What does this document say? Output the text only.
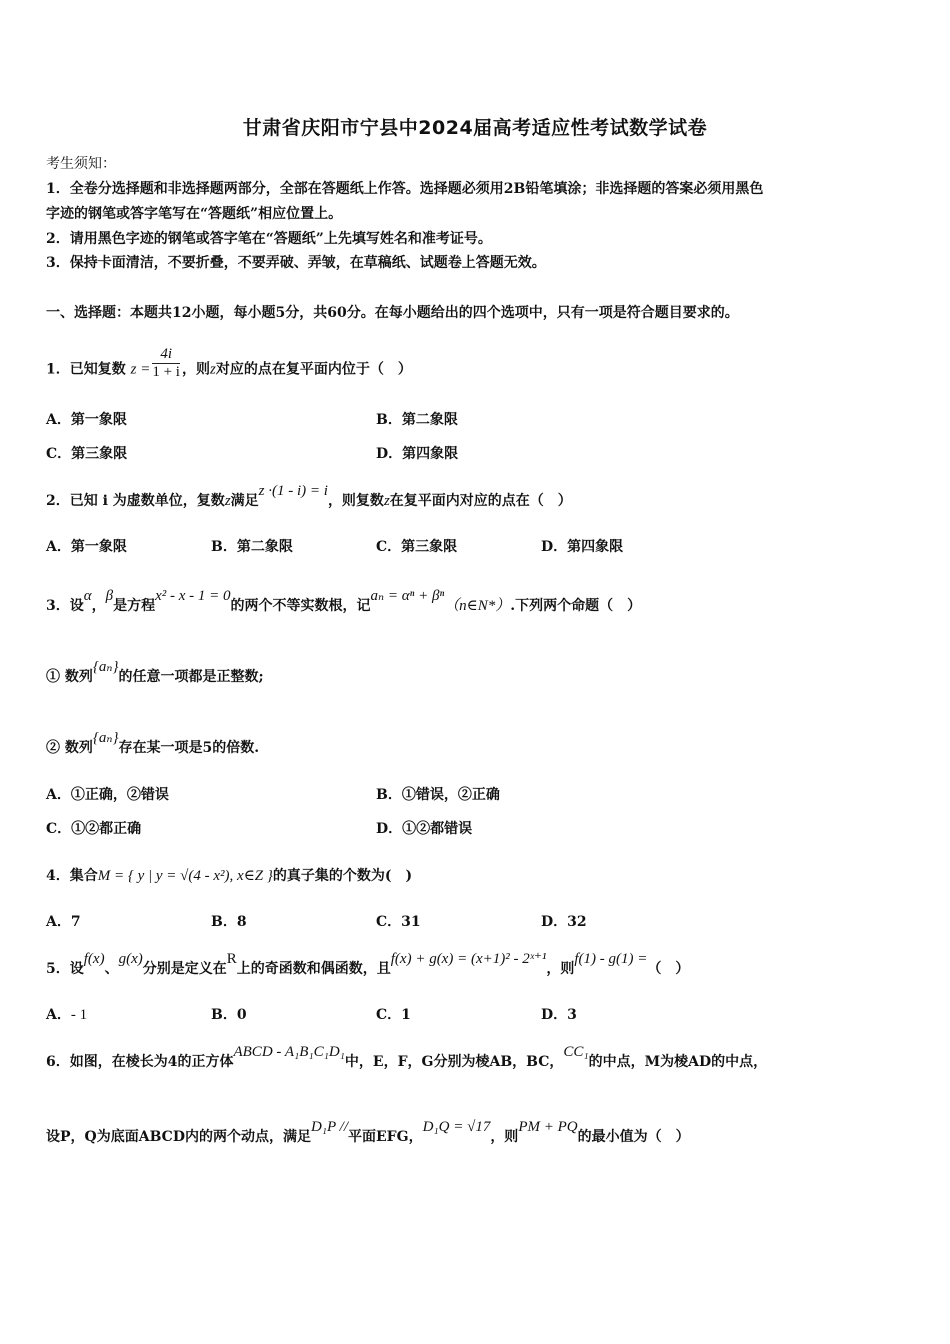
甘肃省庆阳市宁县中2024届高考适应性考试数学试卷
考生须知：
1．全卷分选择题和非选择题两部分，全部在答题纸上作答。选择题必须用2B铅笔填涂；非选择题的答案必须用黑色
字迹的钢笔或答字笔写在“答题纸”相应位置上。
2．请用黑色字迹的钢笔或答字笔在“答题纸”上先填写姓名和准考证号。
3．保持卡面清洁，不要折叠，不要弄破、弄皱，在草稿纸、试题卷上答题无效。
一、选择题：本题共12小题，每小题5分，共60分。在每小题给出的四个选项中，只有一项是符合题目要求的。
1．已知复数 $z = \frac{4i}{1 + i}$ ，则z对应的点在复平面内位于（　）
A．第一象限	B．第二象限
C．第三象限	D．第四象限
2．已知 i 为虚数单位，复数z满足z ·(1 - i) = i，则复数z在复平面内对应的点在（　）
A．第一象限	B．第二象限	C．第三象限	D．第四象限
3．设α，β是方程x² - x - 1 = 0的两个不等实数根，记aₙ = αⁿ + βⁿ（n∈N*）.下列两个命题（　）
① 数列{aₙ}的任意一项都是正整数;
② 数列{aₙ}存在某一项是5的倍数.
A．①正确，②错误	B．①错误，②正确
C．①②都正确	D．①②都错误
4．集合M = { y | y = √(4 - x²), x∈Z }的真子集的个数为(　)
A．7	B．8	C．31	D．32
5．设f(x)、g(x)分别是定义在R上的奇函数和偶函数，且f(x) + g(x) = (x+1)² - 2ˣ⁺¹，则f(1) - g(1) =（　）
A．- 1	B．0	C．1	D．3
6．如图，在棱长为4的正方体ABCD - A₁B₁C₁D₁中，E，F，G分别为棱AB，BC，CC₁的中点，M为棱AD的中点，
设P，Q为底面ABCD内的两个动点，满足D₁P //平面EFG，D₁Q = √17，则PM + PQ的最小值为（　）
